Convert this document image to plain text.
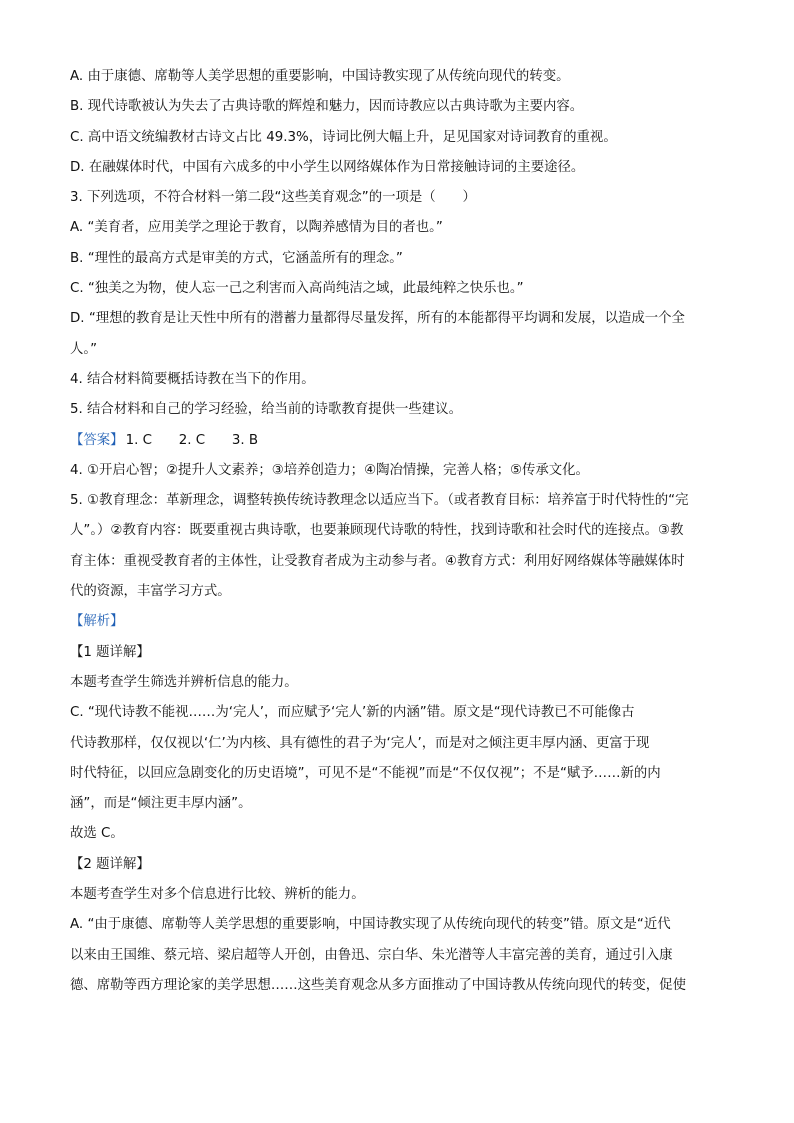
A. 由于康德、席勒等人美学思想的重要影响，中国诗教实现了从传统向现代的转变。
B. 现代诗歌被认为失去了古典诗歌的辉煌和魅力，因而诗教应以古典诗歌为主要内容。
C. 高中语文统编教材古诗文占比 49.3%，诗词比例大幅上升，足见国家对诗词教育的重视。
D. 在融媒体时代，中国有六成多的中小学生以网络媒体作为日常接触诗词的主要途径。
3. 下列选项，不符合材料一第二段“这些美育观念”的一项是（　　）
A. “美育者，应用美学之理论于教育，以陶养感情为目的者也。”
B. “理性的最高方式是审美的方式，它涵盖所有的理念。”
C. “独美之为物，使人忘一己之利害而入高尚纯洁之域，此最纯粹之快乐也。”
D. “理想的教育是让天性中所有的潜蓄力量都得尽量发挥，所有的本能都得平均调和发展，以造成一个全
人。”
4. 结合材料简要概括诗教在当下的作用。
5. 结合材料和自己的学习经验，给当前的诗歌教育提供一些建议。
【答案】 1. C　　2. C　　3. B
4. ①开启心智；②提升人文素养；③培养创造力；④陶冶情操，完善人格；⑤传承文化。
5. ①教育理念：革新理念，调整转换传统诗教理念以适应当下。（或者教育目标：培养富于时代特性的“完
人”。）②教育内容：既要重视古典诗歌，也要兼顾现代诗歌的特性，找到诗歌和社会时代的连接点。③教
育主体：重视受教育者的主体性，让受教育者成为主动参与者。④教育方式：利用好网络媒体等融媒体时
代的资源，丰富学习方式。
【解析】
【1 题详解】
本题考查学生筛选并辨析信息的能力。
C. “现代诗教不能视……为‘完人’，而应赋予‘完人’新的内涵”错。原文是“现代诗教已不可能像古
代诗教那样，仅仅视以‘仁’为内核、具有德性的君子为‘完人’，而是对之倾注更丰厚内涵、更富于现
时代特征，以回应急剧变化的历史语境”，可见不是“不能视”而是“不仅仅视”；不是“赋予……新的内
涵”，而是“倾注更丰厚内涵”。
故选 C。
【2 题详解】
本题考查学生对多个信息进行比较、辨析的能力。
A. “由于康德、席勒等人美学思想的重要影响，中国诗教实现了从传统向现代的转变”错。原文是“近代
以来由王国维、蔡元培、梁启超等人开创，由鲁迅、宗白华、朱光潜等人丰富完善的美育，通过引入康
德、席勒等西方理论家的美学思想……这些美育观念从多方面推动了中国诗教从传统向现代的转变，促使
